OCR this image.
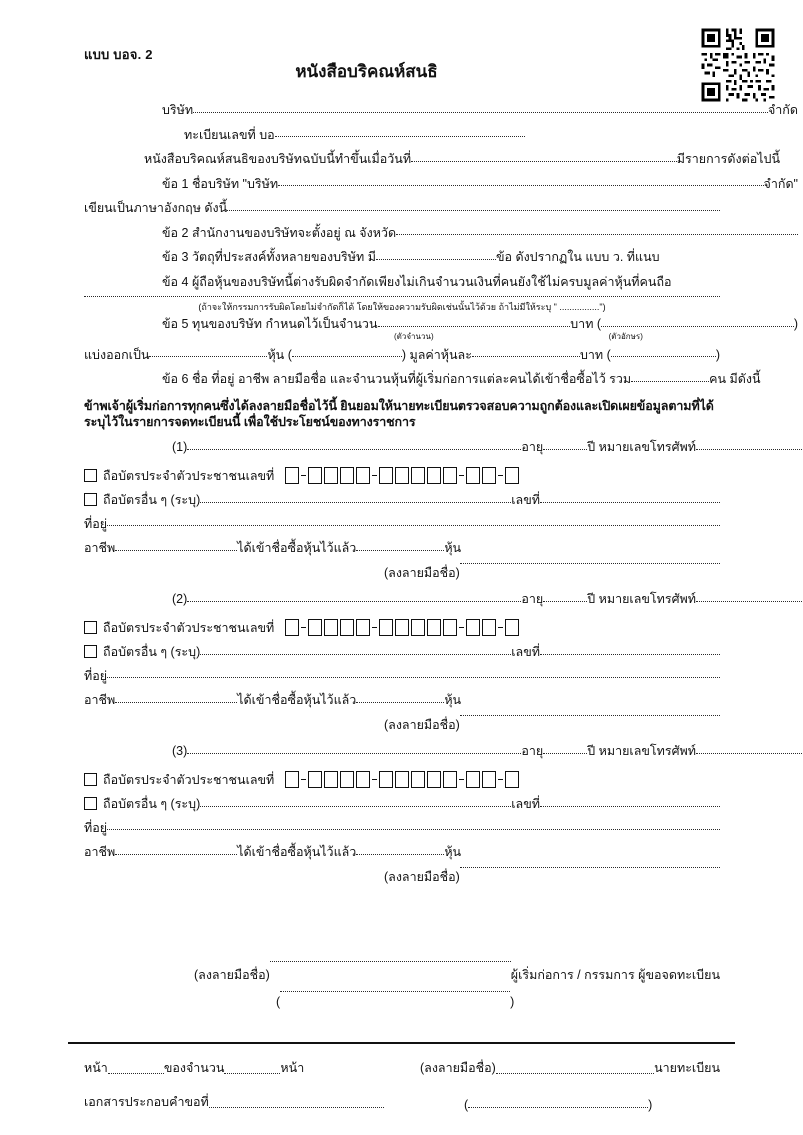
แบบ บอจ. 2
หนังสือบริคณห์สนธิ
บริษัท	จำกัด
ทะเบียนเลขที่ บอ
หนังสือบริคณห์สนธิของบริษัทฉบับนี้ทำขึ้นเมื่อวันที่	มีรายการดังต่อไปนี้
ข้อ 1 ชื่อบริษัท "บริษัท	จำกัด"
เขียนเป็นภาษาอังกฤษ ดังนี้
ข้อ 2 สำนักงานของบริษัทจะตั้งอยู่ ณ จังหวัด
ข้อ 3 วัตถุที่ประสงค์ทั้งหลายของบริษัท มี	ข้อ ดังปรากฏใน แบบ ว. ที่แนบ
ข้อ 4 ผู้ถือหุ้นของบริษัทนี้ต่างรับผิดจำกัดเพียงไม่เกินจำนวนเงินที่คนยังใช้ไม่ครบมูลค่าหุ้นที่คนถือ
(ถ้าจะให้กรรมการรับผิดโดยไม่จำกัดก็ได้ โดยให้ของความรับผิดเช่นนั้นไว้ด้วย ถ้าไม่มีให้ระบุ " ................")
ข้อ 5 ทุนของบริษัท กำหนดไว้เป็นจำนวน	บาท (	)
(ตัวจำนวน)	(ตัวอักษร)
แบ่งออกเป็น	หุ้น (	) มูลค่าหุ้นละ	บาท (	)
ข้อ 6 ชื่อ ที่อยู่ อาชีพ ลายมือชื่อ และจำนวนหุ้นที่ผู้เริ่มก่อการแต่ละคนได้เข้าชื่อซื้อไว้ รวม	คน มีดังนี้
ข้าพเจ้าผู้เริ่มก่อการทุกคนซึ่งได้ลงลายมือชื่อไว้นี้ ยินยอมให้นายทะเบียนตรวจสอบความถูกต้องและเปิดเผยข้อมูลตามที่ได้ระบุไว้ในรายการจดทะเบียนนี้ เพื่อใช้ประโยชน์ของทางราชการ
(1)	อายุ	ปี หมายเลขโทรศัพท์
ถือบัตรประจำตัวประชาชนเลขที่
ถือบัตรอื่น ๆ (ระบุ)	เลขที่
ที่อยู่
อาชีพ	ได้เข้าชื่อซื้อหุ้นไว้แล้ว	หุ้น
(ลงลายมือชื่อ)
(2)	อายุ	ปี หมายเลขโทรศัพท์
ถือบัตรประจำตัวประชาชนเลขที่
ถือบัตรอื่น ๆ (ระบุ)	เลขที่
ที่อยู่
อาชีพ	ได้เข้าชื่อซื้อหุ้นไว้แล้ว	หุ้น
(ลงลายมือชื่อ)
(3)	อายุ	ปี หมายเลขโทรศัพท์
ถือบัตรประจำตัวประชาชนเลขที่
ถือบัตรอื่น ๆ (ระบุ)	เลขที่
ที่อยู่
อาชีพ	ได้เข้าชื่อซื้อหุ้นไว้แล้ว	หุ้น
(ลงลายมือชื่อ)
(ลงลายมือชื่อ)	ผู้เริ่มก่อการ / กรรมการ ผู้ขอจดทะเบียน
(	)
หน้า	ของจำนวน	หน้า	(ลงลายมือชื่อ)	นายทะเบียน
เอกสารประกอบคำขอที่	(	)
